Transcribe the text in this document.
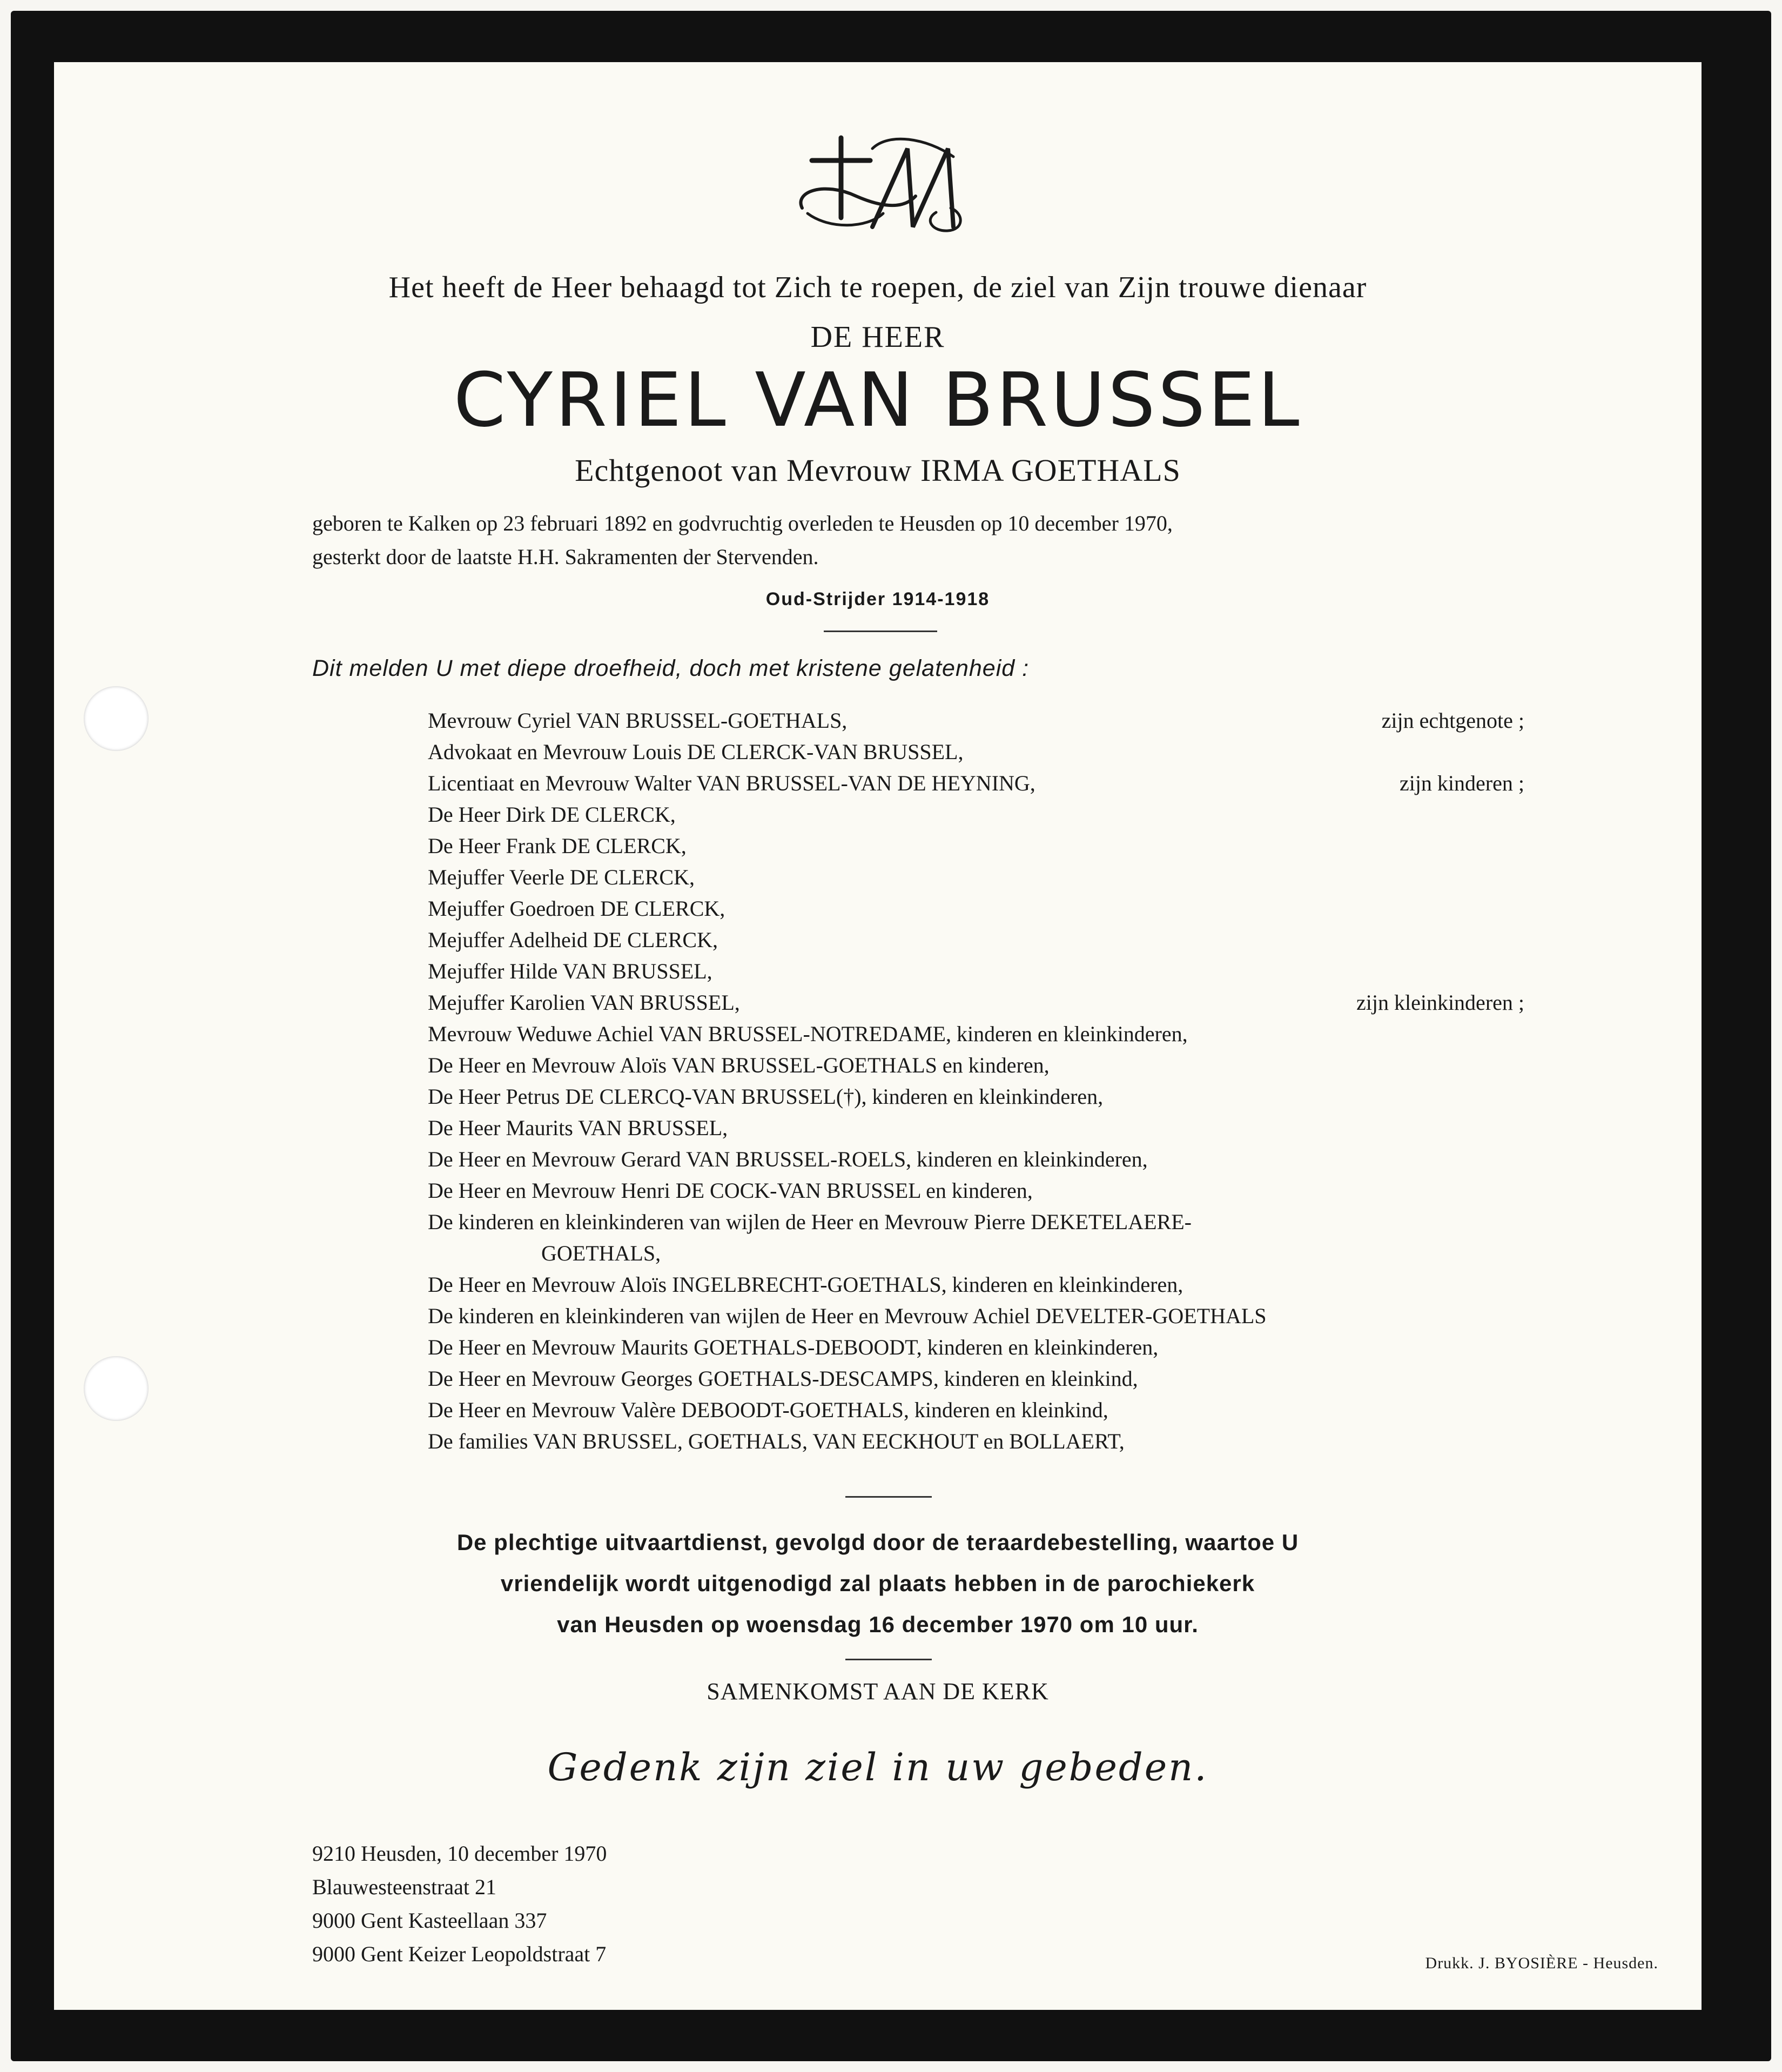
Het heeft de Heer behaagd tot Zich te roepen, de ziel van Zijn trouwe dienaar
DE HEER
CYRIEL VAN BRUSSEL
Echtgenoot van Mevrouw IRMA GOETHALS
geboren te Kalken op 23 februari 1892 en godvruchtig overleden te Heusden op 10 december 1970,
gesterkt door de laatste H.H. Sakramenten der Stervenden.
Oud-Strijder 1914-1918
Dit melden U met diepe droefheid, doch met kristene gelatenheid :
Mevrouw Cyriel VAN BRUSSEL-GOETHALS,	zijn echtgenote ;
Advokaat en Mevrouw Louis DE CLERCK-VAN BRUSSEL,
Licentiaat en Mevrouw Walter VAN BRUSSEL-VAN DE HEYNING,	zijn kinderen ;
De Heer Dirk DE CLERCK,
De Heer Frank DE CLERCK,
Mejuffer Veerle DE CLERCK,
Mejuffer Goedroen DE CLERCK,
Mejuffer Adelheid DE CLERCK,
Mejuffer Hilde VAN BRUSSEL,
Mejuffer Karolien VAN BRUSSEL,	zijn kleinkinderen ;
Mevrouw Weduwe Achiel VAN BRUSSEL-NOTREDAME, kinderen en kleinkinderen,
De Heer en Mevrouw Aloïs VAN BRUSSEL-GOETHALS en kinderen,
De Heer Petrus DE CLERCQ-VAN BRUSSEL(†), kinderen en kleinkinderen,
De Heer Maurits VAN BRUSSEL,
De Heer en Mevrouw Gerard VAN BRUSSEL-ROELS, kinderen en kleinkinderen,
De Heer en Mevrouw Henri DE COCK-VAN BRUSSEL en kinderen,
De kinderen en kleinkinderen van wijlen de Heer en Mevrouw Pierre DEKETELAERE-
GOETHALS,
De Heer en Mevrouw Aloïs INGELBRECHT-GOETHALS, kinderen en kleinkinderen,
De kinderen en kleinkinderen van wijlen de Heer en Mevrouw Achiel DEVELTER-GOETHALS
De Heer en Mevrouw Maurits GOETHALS-DEBOODT, kinderen en kleinkinderen,
De Heer en Mevrouw Georges GOETHALS-DESCAMPS, kinderen en kleinkind,
De Heer en Mevrouw Valère DEBOODT-GOETHALS, kinderen en kleinkind,
De families VAN BRUSSEL, GOETHALS, VAN EECKHOUT en BOLLAERT,
De plechtige uitvaartdienst, gevolgd door de teraardebestelling, waartoe U
vriendelijk wordt uitgenodigd zal plaats hebben in de parochiekerk
van Heusden op woensdag 16 december 1970 om 10 uur.
SAMENKOMST AAN DE KERK
Gedenk zijn ziel in uw gebeden.
9210 Heusden, 10 december 1970
Blauwesteenstraat 21
9000 Gent Kasteellaan 337
9000 Gent Keizer Leopoldstraat 7	Drukk. J. BYOSIÈRE - Heusden.
